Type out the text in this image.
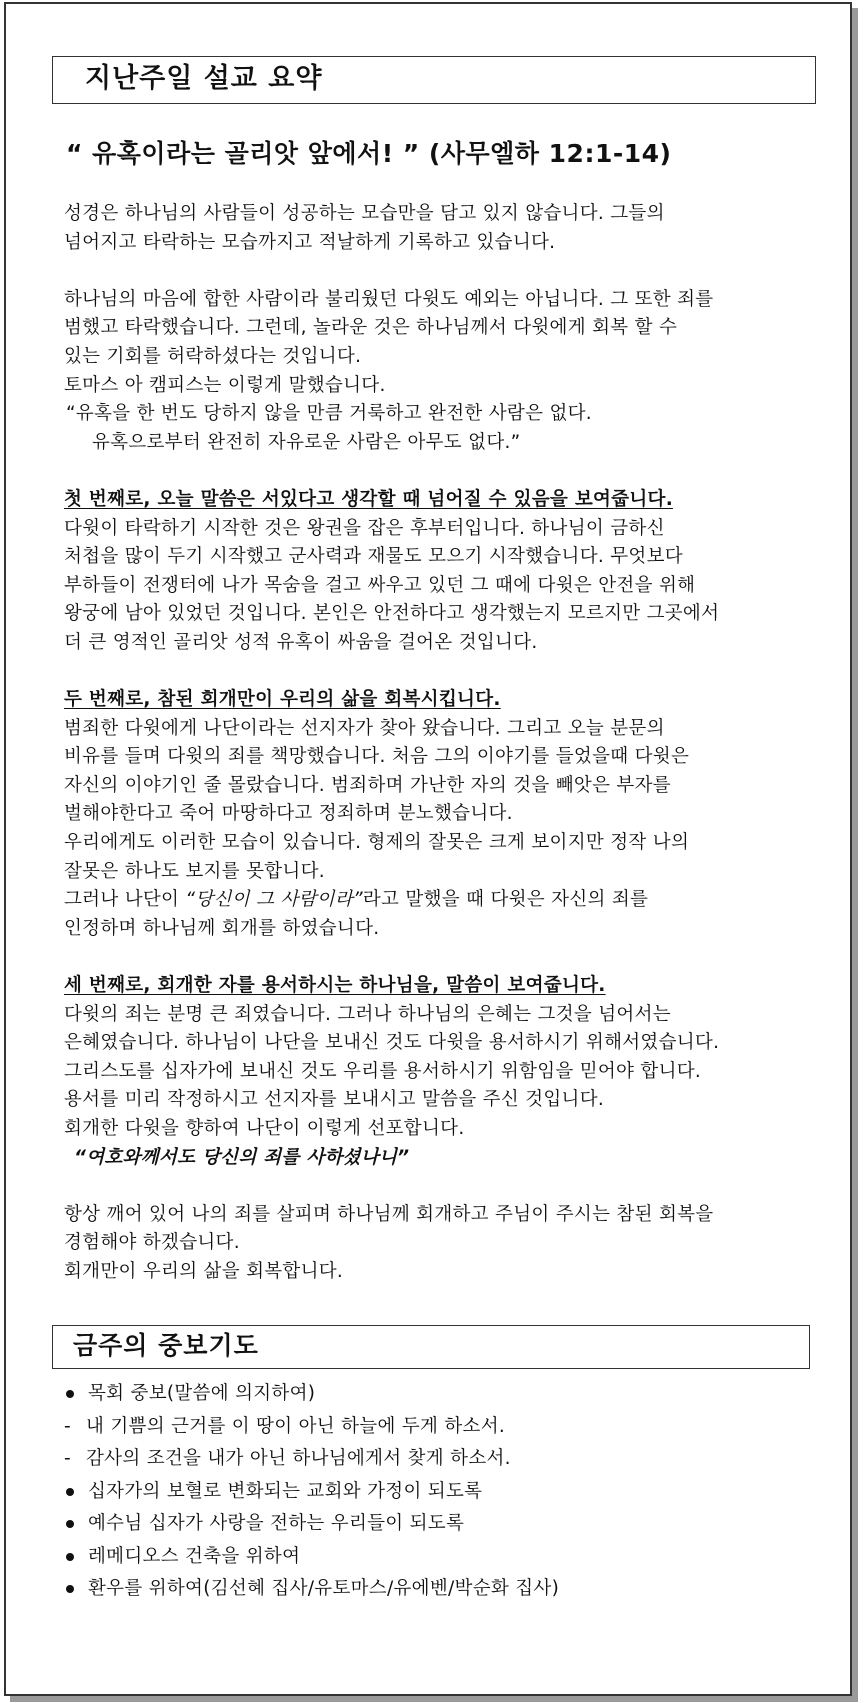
지난주일 설교 요약
“ 유혹이라는 골리앗 앞에서! ” (사무엘하 12:1-14)
성경은 하나님의 사람들이 성공하는 모습만을 담고 있지 않습니다. 그들의
넘어지고 타락하는 모습까지고 적날하게 기록하고 있습니다.
하나님의 마음에 합한 사람이라 불리웠던 다윗도 예외는 아닙니다. 그 또한 죄를
범했고 타락했습니다. 그런데, 놀라운 것은 하나님께서 다윗에게 회복 할 수
있는 기회를 허락하셨다는 것입니다.
토마스 아 캠피스는 이렇게 말했습니다.
“유혹을 한 번도 당하지 않을 만큼 거룩하고 완전한 사람은 없다.
유혹으로부터 완전히 자유로운 사람은 아무도 없다.”
첫 번째로, 오늘 말씀은 서있다고 생각할 때 넘어질 수 있음을 보여줍니다.
다윗이 타락하기 시작한 것은 왕권을 잡은 후부터입니다. 하나님이 금하신
처첩을 많이 두기 시작했고 군사력과 재물도 모으기 시작했습니다. 무엇보다
부하들이 전쟁터에 나가 목숨을 걸고 싸우고 있던 그 때에 다윗은 안전을 위해
왕궁에 남아 있었던 것입니다. 본인은 안전하다고 생각했는지 모르지만 그곳에서
더 큰 영적인 골리앗 성적 유혹이 싸움을 걸어온 것입니다.
두 번째로, 참된 회개만이 우리의 삶을 회복시킵니다.
범죄한 다윗에게 나단이라는 선지자가 찾아 왔습니다. 그리고 오늘 분문의
비유를 들며 다윗의 죄를 책망했습니다. 처음 그의 이야기를 들었을때 다윗은
자신의 이야기인 줄 몰랐습니다. 범죄하며 가난한 자의 것을 빼앗은 부자를
벌해야한다고 죽어 마땅하다고 정죄하며 분노했습니다.
우리에게도 이러한 모습이 있습니다. 형제의 잘못은 크게 보이지만 정작 나의
잘못은 하나도 보지를 못합니다.
그러나 나단이 “당신이 그 사람이라”라고 말했을 때 다윗은 자신의 죄를
인정하며 하나님께 회개를 하였습니다.
세 번째로, 회개한 자를 용서하시는 하나님을, 말씀이 보여줍니다.
다윗의 죄는 분명 큰 죄였습니다. 그러나 하나님의 은혜는 그것을 넘어서는
은혜였습니다. 하나님이 나단을 보내신 것도 다윗을 용서하시기 위해서였습니다.
그리스도를 십자가에 보내신 것도 우리를 용서하시기 위함임을 믿어야 합니다.
용서를 미리 작정하시고 선지자를 보내시고 말씀을 주신 것입니다.
회개한 다윗을 향하여 나단이 이렇게 선포합니다.
“여호와께서도 당신의 죄를 사하셨나니”
항상 깨어 있어 나의 죄를 살피며 하나님께 회개하고 주님이 주시는 참된 회복을
경험해야 하겠습니다.
회개만이 우리의 삶을 회복합니다.
금주의 중보기도
목회 중보(말씀에 의지하여)
- 내 기쁨의 근거를 이 땅이 아닌 하늘에 두게 하소서.
- 감사의 조건을 내가 아닌 하나님에게서 찾게 하소서.
십자가의 보혈로 변화되는 교회와 가정이 되도록
예수님 십자가 사랑을 전하는 우리들이 되도록
레메디오스 건축을 위하여
환우를 위하여(김선혜 집사/유토마스/유에벤/박순화 집사)
